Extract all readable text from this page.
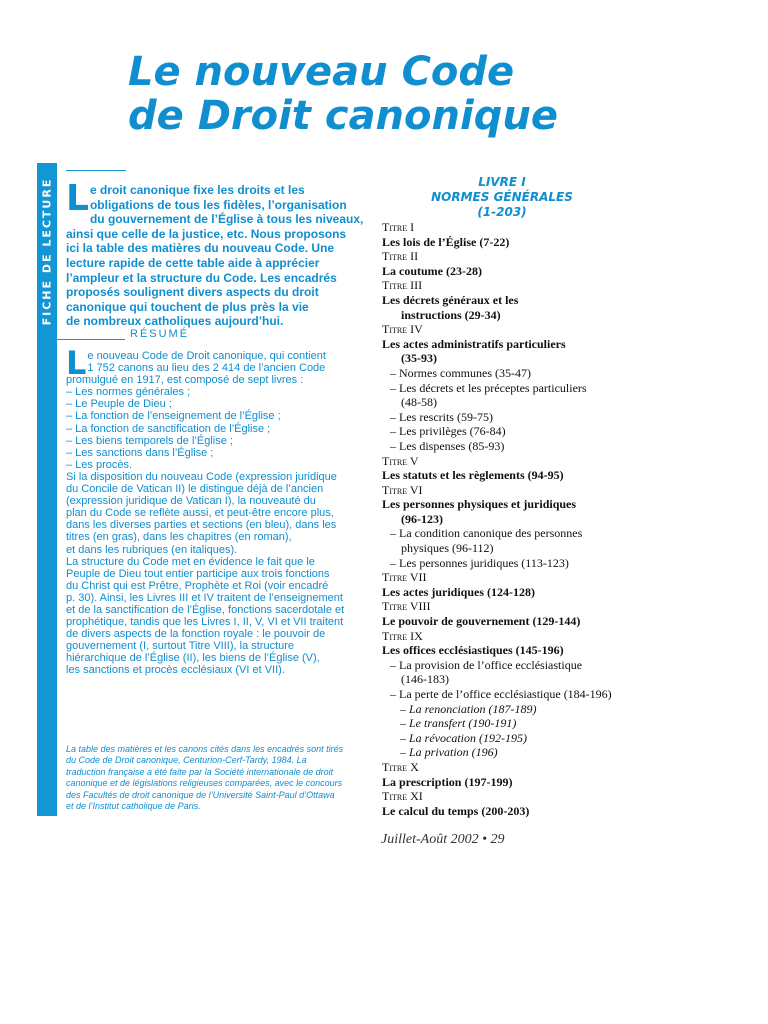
Le nouveau Code
de Droit canonique
FICHE DE LECTURE L e droit canonique fixe les droits et les
obligations de tous les fidèles, l’organisation
du gouvernement de l’Église à tous les niveaux,
ainsi que celle de la justice, etc. Nous proposons
ici la table des matières du nouveau Code. Une
lecture rapide de cette table aide à apprécier
l’ampleur et la structure du Code. Les encadrés
proposés soulignent divers aspects du droit
canonique qui touchent de plus près la vie
de nombreux catholiques aujourd’hui.
RÉSUMÉ
L e nouveau Code de Droit canonique, qui contient
1 752 canons au lieu des 2 414 de l’ancien Code
promulgué en 1917, est composé de sept livres :
– Les normes générales ;
– Le Peuple de Dieu ;
– La fonction de l’enseignement de l’Église ;
– La fonction de sanctification de l’Église ;
– Les biens temporels de l’Église ;
– Les sanctions dans l’Église ;
– Les procès.
Si la disposition du nouveau Code (expression juridique
du Concile de Vatican II) le distingue déjà de l’ancien
(expression juridique de Vatican I), la nouveauté du
plan du Code se reflète aussi, et peut-être encore plus,
dans les diverses parties et sections (en bleu), dans les
titres (en gras), dans les chapitres (en roman),
et dans les rubriques (en italiques).
La structure du Code met en évidence le fait que le
Peuple de Dieu tout entier participe aux trois fonctions
du Christ qui est Prêtre, Prophète et Roi (voir encadré
p. 30). Ainsi, les Livres III et IV traitent de l’enseignement
et de la sanctification de l’Église, fonctions sacerdotale et
prophétique, tandis que les Livres I, II, V, VI et VII traitent
de divers aspects de la fonction royale : le pouvoir de
gouvernement (I, surtout Titre VIII), la structure
hiérarchique de l’Église (II), les biens de l’Église (V),
les sanctions et procès ecclésiaux (VI et VII).
La table des matières et les canons cités dans les encadrés sont tirés
du Code de Droit canonique, Centurion-Cerf-Tardy, 1984. La
traduction française a été faite par la Société internationale de droit
canonique et de législations religieuses comparées, avec le concours
des Facultés de droit canonique de l’Université Saint-Paul d’Ottawa
et de l’Institut catholique de Paris.
LIVRE I
NORMES GÉNÉRALES
(1-203)
Titre I
Les lois de l’Église (7-22)
Titre II
La coutume (23-28)
Titre III
Les décrets généraux et les
instructions (29-34)
Titre IV
Les actes administratifs particuliers
(35-93)
– Normes communes (35-47)
– Les décrets et les préceptes particuliers
(48-58)
– Les rescrits (59-75)
– Les privilèges (76-84)
– Les dispenses (85-93)
Titre V
Les statuts et les règlements (94-95)
Titre VI
Les personnes physiques et juridiques
(96-123)
– La condition canonique des personnes
physiques (96-112)
– Les personnes juridiques (113-123)
Titre VII
Les actes juridiques (124-128)
Titre VIII
Le pouvoir de gouvernement (129-144)
Titre IX
Les offices ecclésiastiques (145-196)
– La provision de l’office ecclésiastique
(146-183)
– La perte de l’office ecclésiastique (184-196)
– La renonciation (187-189)
– Le transfert (190-191)
– La révocation (192-195)
– La privation (196)
Titre X
La prescription (197-199)
Titre XI
Le calcul du temps (200-203)
Juillet-Août 2002 • 29
